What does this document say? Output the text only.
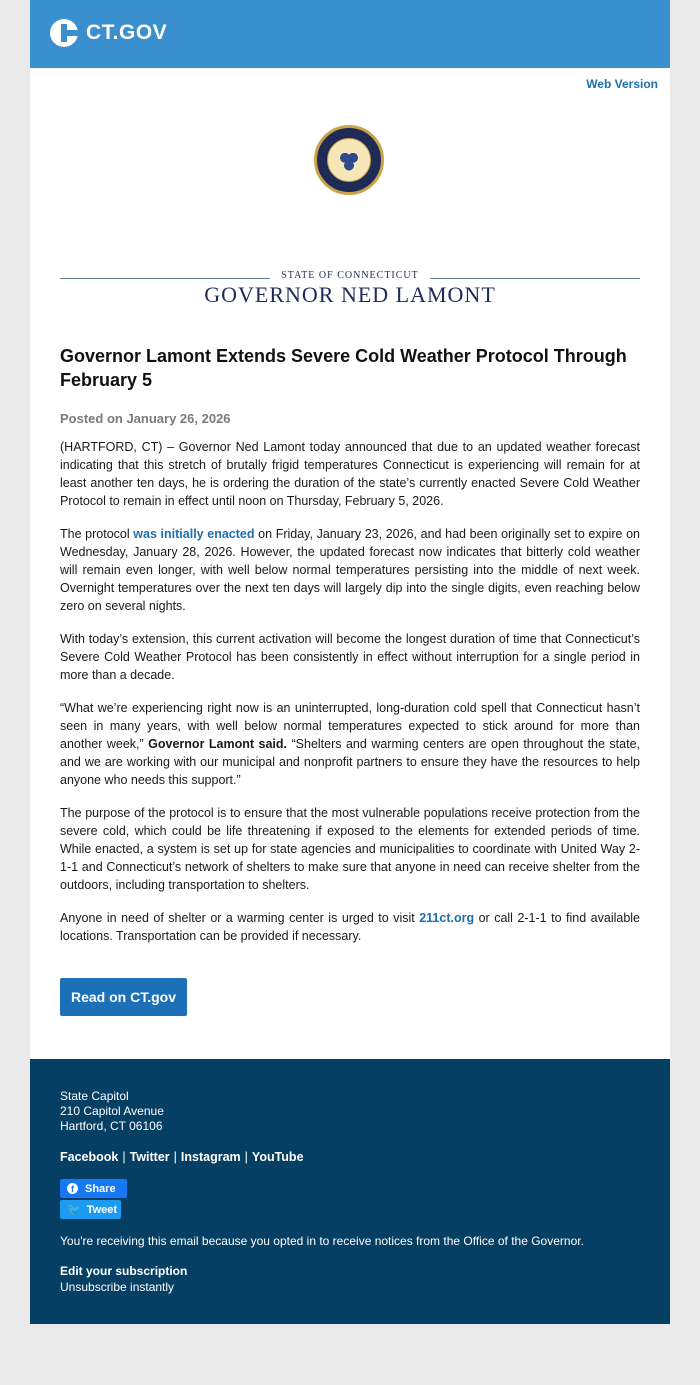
CT.GOV
Web Version
STATE OF CONNECTICUT
GOVERNOR NED LAMONT
Governor Lamont Extends Severe Cold Weather Protocol Through February 5
Posted on January 26, 2026

(HARTFORD, CT) – Governor Ned Lamont today announced that due to an updated weather forecast indicating that this stretch of brutally frigid temperatures Connecticut is experiencing will remain for at least another ten days, he is ordering the duration of the state’s currently enacted Severe Cold Weather Protocol to remain in effect until noon on Thursday, February 5, 2026.

The protocol was initially enacted on Friday, January 23, 2026, and had been originally set to expire on Wednesday, January 28, 2026. However, the updated forecast now indicates that bitterly cold weather will remain even longer, with well below normal temperatures persisting into the middle of next week. Overnight temperatures over the next ten days will largely dip into the single digits, even reaching below zero on several nights.

With today’s extension, this current activation will become the longest duration of time that Connecticut’s Severe Cold Weather Protocol has been consistently in effect without interruption for a single period in more than a decade.

“What we’re experiencing right now is an uninterrupted, long-duration cold spell that Connecticut hasn’t seen in many years, with well below normal temperatures expected to stick around for more than another week,” Governor Lamont said. “Shelters and warming centers are open throughout the state, and we are working with our municipal and nonprofit partners to ensure they have the resources to help anyone who needs this support.”

The purpose of the protocol is to ensure that the most vulnerable populations receive protection from the severe cold, which could be life threatening if exposed to the elements for extended periods of time. While enacted, a system is set up for state agencies and municipalities to coordinate with United Way 2-1-1 and Connecticut’s network of shelters to make sure that anyone in need can receive shelter from the outdoors, including transportation to shelters.

Anyone in need of shelter or a warming center is urged to visit 211ct.org or call 2-1-1 to find available locations. Transportation can be provided if necessary.

Read on CT.gov
State Capitol
210 Capitol Avenue
Hartford, CT 06106
Facebook | Twitter | Instagram | YouTube
f	Share
🐦 Tweet
You're receiving this email because you opted in to receive notices from the Office of the Governor.
Edit your subscription
Unsubscribe instantly
